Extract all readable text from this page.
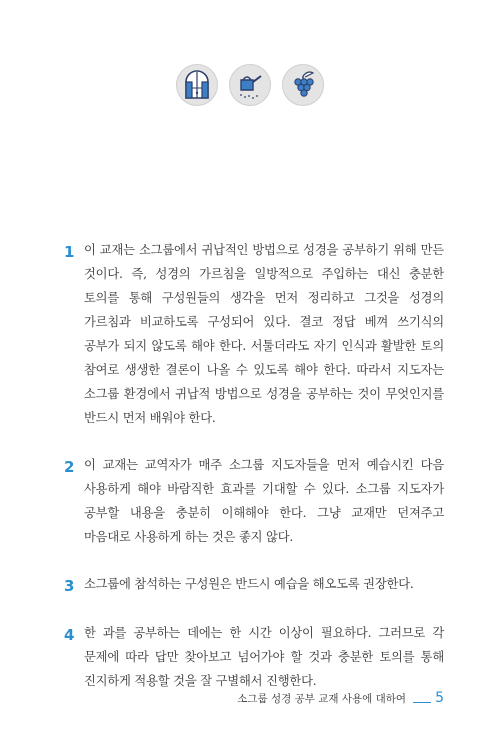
1 이 교재는 소그룹에서 귀납적인 방법으로 성경을 공부하기 위해 만든 것이다. 즉, 성경의 가르침을 일방적으로 주입하는 대신 충분한 토의를 통해 구성원들의 생각을 먼저 정리하고 그것을 성경의 가르침과 비교하도록 구성되어 있다. 결코 정답 베껴 쓰기식의 공부가 되지 않도록 해야 한다. 서툴더라도 자기 인식과 활발한 토의 참여로 생생한 결론이 나올 수 있도록 해야 한다. 따라서 지도자는 소그룹 환경에서 귀납적 방법으로 성경을 공부하는 것이 무엇인지를 반드시 먼저 배워야 한다.
2 이 교재는 교역자가 매주 소그룹 지도자들을 먼저 예습시킨 다음 사용하게 해야 바람직한 효과를 기대할 수 있다. 소그룹 지도자가 공부할 내용을 충분히 이해해야 한다. 그냥 교재만 던져주고 마음대로 사용하게 하는 것은 좋지 않다.
3 소그룹에 참석하는 구성원은 반드시 예습을 해오도록 권장한다.
4 한 과를 공부하는 데에는 한 시간 이상이 필요하다. 그러므로 각 문제에 따라 답만 찾아보고 넘어가야 할 것과 충분한 토의를 통해 진지하게 적용할 것을 잘 구별해서 진행한다.
소그룹 성경 공부 교재 사용에 대하여 5
